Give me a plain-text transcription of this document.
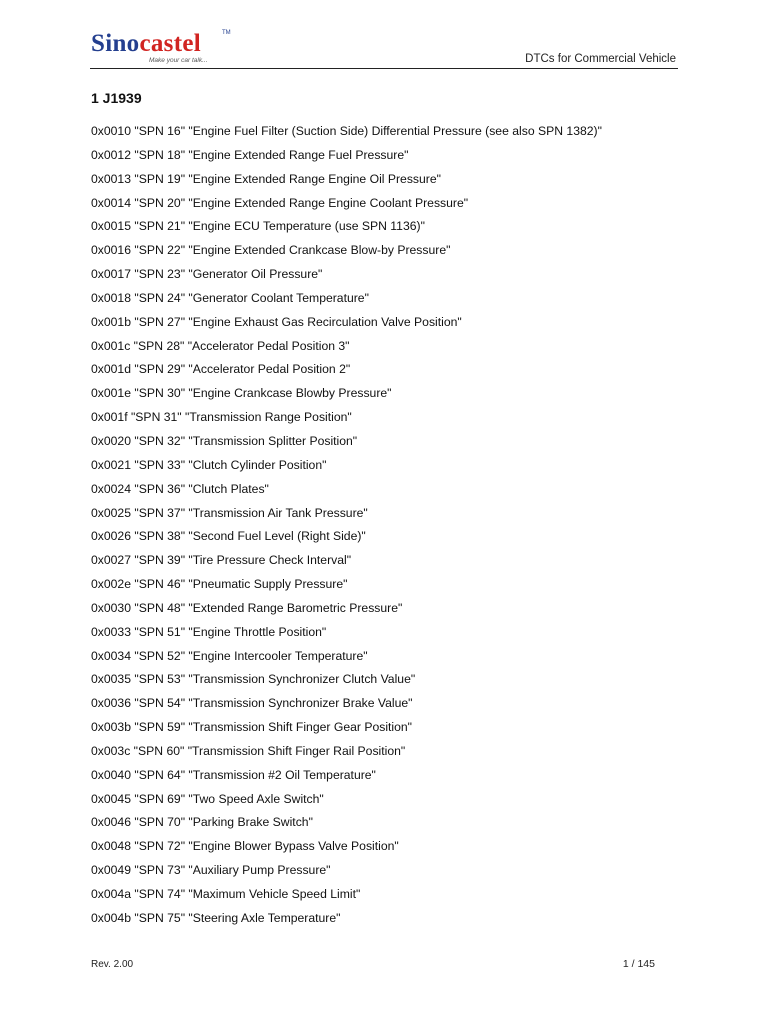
Sinocastel	TM
Make your car talk...	DTCs for Commercial Vehicle
1 J1939
0x0010 "SPN 16" "Engine Fuel Filter (Suction Side) Differential Pressure (see also SPN 1382)"
0x0012 "SPN 18" "Engine Extended Range Fuel Pressure"
0x0013 "SPN 19" "Engine Extended Range Engine Oil Pressure"
0x0014 "SPN 20" "Engine Extended Range Engine Coolant Pressure"
0x0015 "SPN 21" "Engine ECU Temperature (use SPN 1136)"
0x0016 "SPN 22" "Engine Extended Crankcase Blow-by Pressure"
0x0017 "SPN 23" "Generator Oil Pressure"
0x0018 "SPN 24" "Generator Coolant Temperature"
0x001b "SPN 27" "Engine Exhaust Gas Recirculation Valve Position"
0x001c "SPN 28" "Accelerator Pedal Position 3"
0x001d "SPN 29" "Accelerator Pedal Position 2"
0x001e "SPN 30" "Engine Crankcase Blowby Pressure"
0x001f "SPN 31" "Transmission Range Position"
0x0020 "SPN 32" "Transmission Splitter Position"
0x0021 "SPN 33" "Clutch Cylinder Position"
0x0024 "SPN 36" "Clutch Plates"
0x0025 "SPN 37" "Transmission Air Tank Pressure"
0x0026 "SPN 38" "Second Fuel Level (Right Side)"
0x0027 "SPN 39" "Tire Pressure Check Interval"
0x002e "SPN 46" "Pneumatic Supply Pressure"
0x0030 "SPN 48" "Extended Range Barometric Pressure"
0x0033 "SPN 51" "Engine Throttle Position"
0x0034 "SPN 52" "Engine Intercooler Temperature"
0x0035 "SPN 53" "Transmission Synchronizer Clutch Value"
0x0036 "SPN 54" "Transmission Synchronizer Brake Value"
0x003b "SPN 59" "Transmission Shift Finger Gear Position"
0x003c "SPN 60" "Transmission Shift Finger Rail Position"
0x0040 "SPN 64" "Transmission #2 Oil Temperature"
0x0045 "SPN 69" "Two Speed Axle Switch"
0x0046 "SPN 70" "Parking Brake Switch"
0x0048 "SPN 72" "Engine Blower Bypass Valve Position"
0x0049 "SPN 73" "Auxiliary Pump Pressure"
0x004a "SPN 74" "Maximum Vehicle Speed Limit"
0x004b "SPN 75" "Steering Axle Temperature"
Rev. 2.00	1 / 145
